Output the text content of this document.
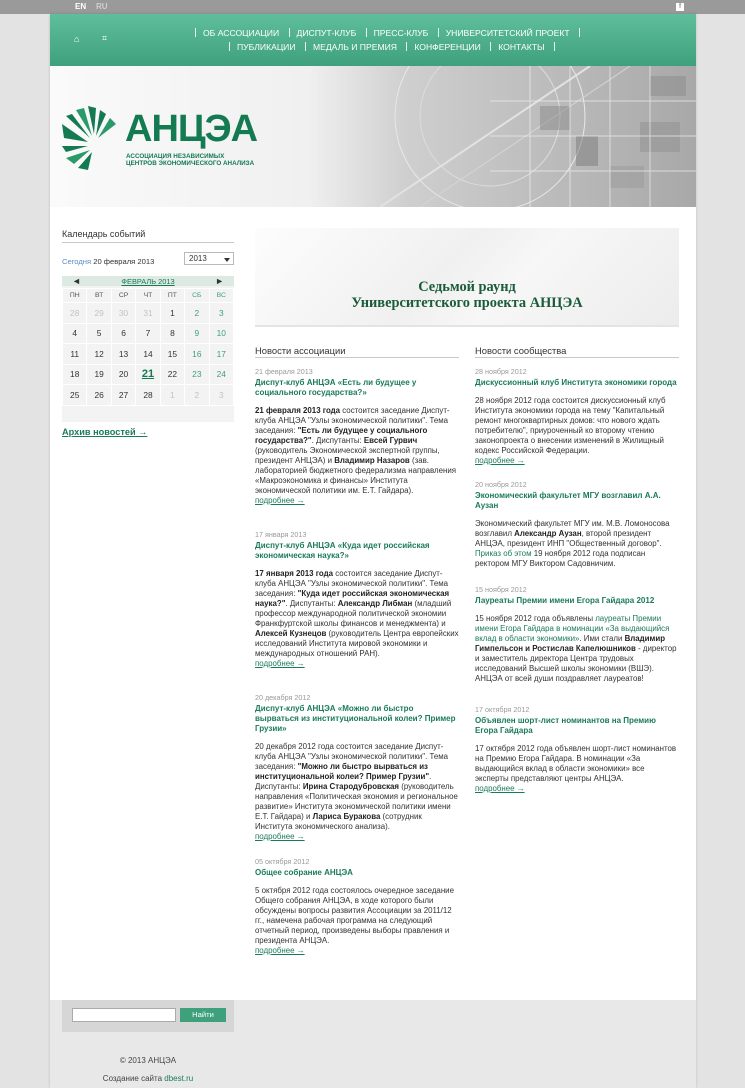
EN RU	f
⌂	⌗	ОБ АССОЦИАЦИИ ДИСПУТ-КЛУБ ПРЕСС-КЛУБ УНИВЕРСИТЕТСКИЙ ПРОЕКТ
ПУБЛИКАЦИИ МЕДАЛЬ И ПРЕМИЯ КОНФЕРЕНЦИИ КОНТАКТЫ
АНЦЭА
АССОЦИАЦИЯ НЕЗАВИСИМЫХ ЦЕНТРОВ ЭКОНОМИЧЕСКОГО АНАЛИЗА
Календарь событий
Сегодня 20 февраля 2013	2013
◄	ФЕВРАЛЬ 2013	►
ПН	ВТ	СР	ЧТ	ПТ	СБ	ВС
28	29	30	31	1	2	3
4	5	6	7	8	9	10
11	12	13	14	15	16	17
18	19	20	21	22	23	24
25	26	27	28	1	2	3
Архив новостей →
Седьмой раунд
Университетского проекта АНЦЭА
Новости ассоциации
21 февраля 2013
Диспут-клуб АНЦЭА «Есть ли будущее у социального государства?»
21 февраля 2013 года состоится заседание Диспут-клуба АНЦЭА "Узлы экономической политики". Тема заседания: "Есть ли будущее у социального государства?". Диспутанты: Евсей Гурвич (руководитель Экономической экспертной группы, президент АНЦЭА) и Владимир Назаров (зав. лабораторией бюджетного федерализма направления «Макроэкономика и финансы» Института экономической политики им. Е.Т. Гайдара).
подробнее →
17 января 2013
Диспут-клуб АНЦЭА «Куда идет российская экономическая наука?»
17 января 2013 года состоится заседание Диспут-клуба АНЦЭА "Узлы экономической политики". Тема заседания: "Куда идет российская экономическая наука?". Диспутанты: Александр Либман (младший профессор международной политической экономии Франкфуртской школы финансов и менеджмента) и Алексей Кузнецов (руководитель Центра европейских исследований Института мировой экономики и международных отношений РАН).
подробнее →
20 декабря 2012
Диспут-клуб АНЦЭА «Можно ли быстро вырваться из институциональной колеи? Пример Грузии»
20 декабря 2012 года состоится заседание Диспут-клуба АНЦЭА "Узлы экономической политики". Тема заседания: "Можно ли быстро вырваться из институциональной колеи? Пример Грузии". Диспутанты: Ирина Стародубровская (руководитель направления «Политическая экономия и региональное развитие» Института экономической политики имени Е.Т. Гайдара) и Лариса Буракова (сотрудник Института экономического анализа).
подробнее →
05 октября 2012
Общее собрание АНЦЭА
5 октября 2012 года состоялось очередное заседание Общего собрания АНЦЭА, в ходе которого были обсуждены вопросы развития Ассоциации за 2011/12 гг., намечена рабочая программа на следующий отчетный период, произведены выборы правления и президента АНЦЭА.
подробнее →
Новости сообщества
28 ноября 2012
Дискуссионный клуб Института экономики города
28 ноября 2012 года состоится дискуссионный клуб Института экономики города на тему "Капитальный ремонт многоквартирных домов: что нового ждать потребителю", приуроченный ко второму чтению законопроекта о внесении изменений в Жилищный кодекс Российской Федерации.
подробнее →
20 ноября 2012
Экономический факультет МГУ возглавил А.А. Аузан
Экономический факультет МГУ им. М.В. Ломоносова возглавил Александр Аузан, второй президент АНЦЭА, президент ИНП "Общественный договор". Приказ об этом 19 ноября 2012 года подписан ректором МГУ Виктором Садовничим.
15 ноября 2012
Лауреаты Премии имени Егора Гайдара 2012
15 ноября 2012 года объявлены лауреаты Премии имени Егора Гайдара в номинации «За выдающийся вклад в области экономики». Ими стали Владимир Гимпельсон и Ростислав Капелюшников - директор и заместитель директора Центра трудовых исследований Высшей школы экономики (ВШЭ). АНЦЭА от всей души поздравляет лауреатов!
17 октября 2012
Объявлен шорт-лист номинантов на Премию Егора Гайдара
17 октября 2012 года объявлен шорт-лист номинантов на Премию Егора Гайдара. В номинации «За выдающийся вклад в области экономики» все эксперты представляют центры АНЦЭА.
подробнее →
Найти
© 2013 АНЦЭА
Создание сайта dbest.ru
